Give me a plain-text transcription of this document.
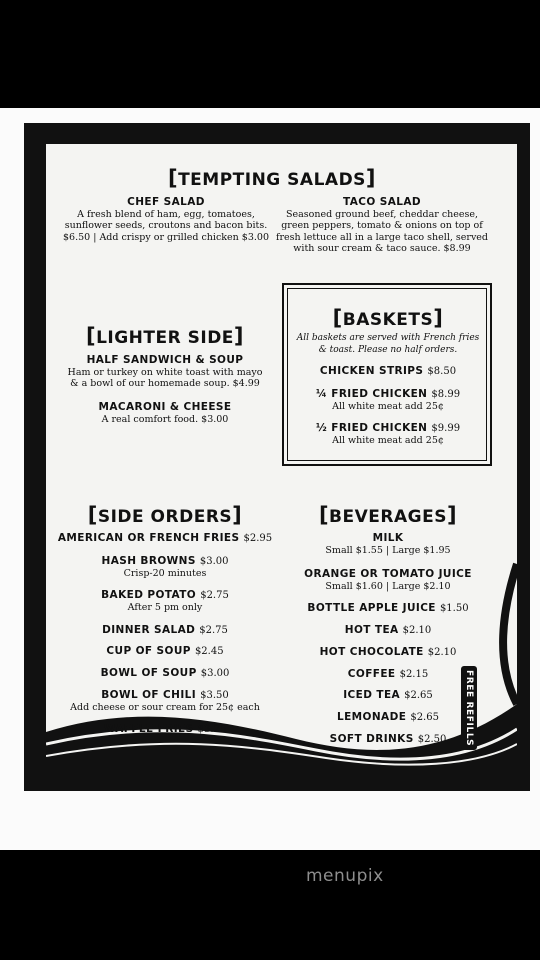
[TEMPTING SALADS]
CHEF SALAD
A fresh blend of ham, egg, tomatoes,
sunflower seeds, croutons and bacon bits.
$6.50 | Add crispy or grilled chicken $3.00
TACO SALAD
Seasoned ground beef, cheddar cheese,
green peppers, tomato & onions on top of
fresh lettuce all in a large taco shell, served
with sour cream & taco sauce. $8.99
[LIGHTER SIDE]
HALF SANDWICH & SOUP
Ham or turkey on white toast with mayo
& a bowl of our homemade soup. $4.99
MACARONI & CHEESE
A real comfort food. $3.00
[BASKETS]
All baskets are served with French fries
& toast. Please no half orders.
CHICKEN STRIPS $8.50
¼ FRIED CHICKEN $8.99
All white meat add 25¢
½ FRIED CHICKEN $9.99
All white meat add 25¢
[SIDE ORDERS]
AMERICAN OR FRENCH FRIES $2.95
HASH BROWNS $3.00
Crisp-20 minutes
BAKED POTATO $2.75
After 5 pm only
DINNER SALAD $2.75
CUP OF SOUP $2.45
BOWL OF SOUP $3.00
BOWL OF CHILI $3.50
Add cheese or sour cream for 25¢ each
WAFFLE FRIES $3.25
[BEVERAGES]
MILK
Small $1.55 | Large $1.95
ORANGE OR TOMATO JUICE
Small $1.60 | Large $2.10
BOTTLE APPLE JUICE $1.50
HOT TEA $2.10
HOT CHOCOLATE $2.10
COFFEE $2.15
ICED TEA $2.65
LEMONADE $2.65
SOFT DRINKS $2.50	FREE REFILLS
menupix
